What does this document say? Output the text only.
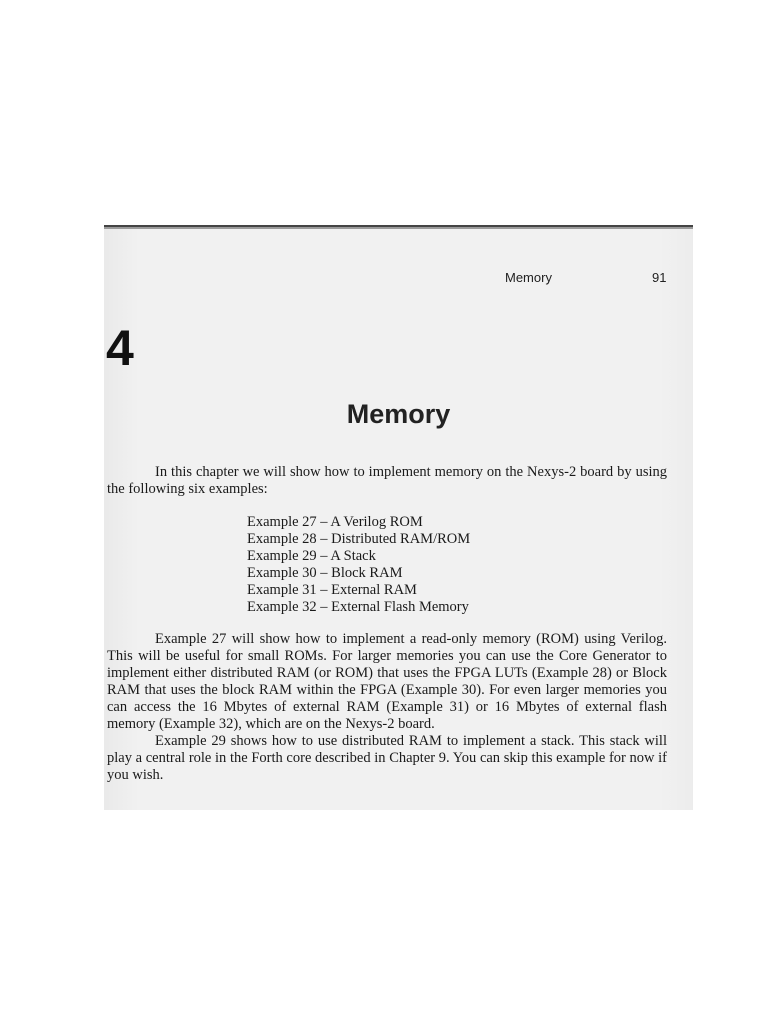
Memory	91
4
Memory

In this chapter we will show how to implement memory on the Nexys-2 board by using the following six examples:

Example 27 – A Verilog ROM
Example 28 – Distributed RAM/ROM
Example 29 – A Stack
Example 30 – Block RAM
Example 31 – External RAM
Example 32 – External Flash Memory

Example 27 will show how to implement a read-only memory (ROM) using Verilog. This will be useful for small ROMs. For larger memories you can use the Core Generator to implement either distributed RAM (or ROM) that uses the FPGA LUTs (Example 28) or Block RAM that uses the block RAM within the FPGA (Example 30). For even larger memories you can access the 16 Mbytes of external RAM (Example 31) or 16 Mbytes of external flash memory (Example 32), which are on the Nexys-2 board.

Example 29 shows how to use distributed RAM to implement a stack. This stack will play a central role in the Forth core described in Chapter 9. You can skip this example for now if you wish.
